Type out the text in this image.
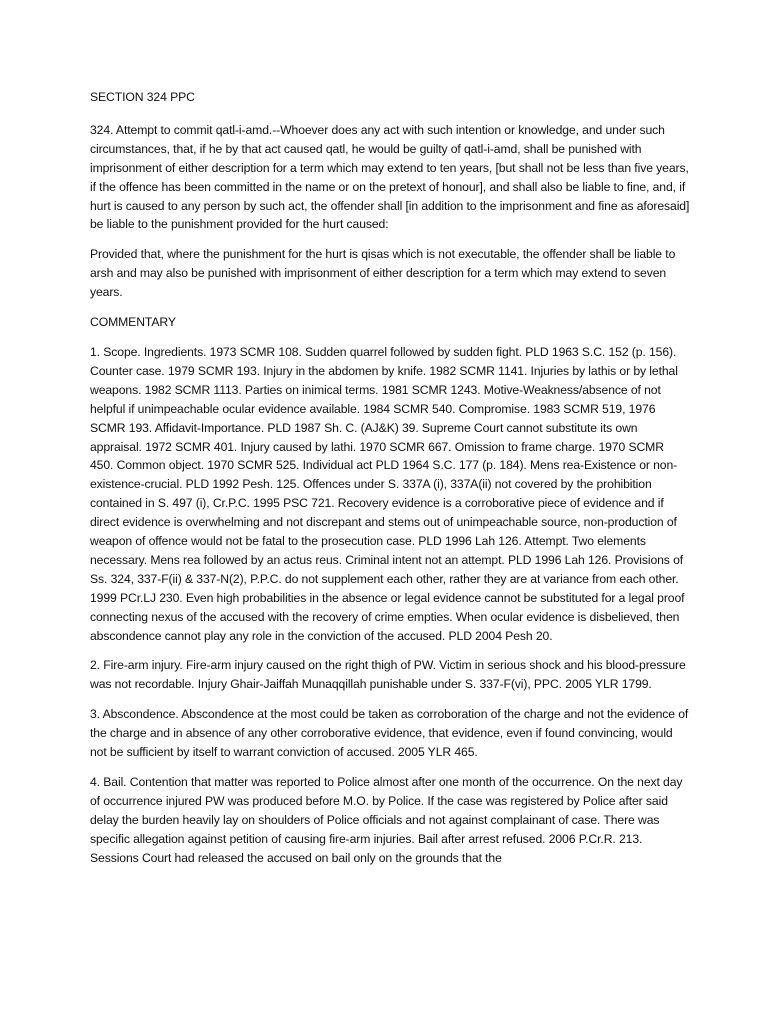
SECTION 324 PPC

324. Attempt to commit qatl-i-amd.--Whoever does any act with such intention or knowledge, and under such circumstances, that, if he by that act caused qatl, he would be guilty of qatl-i-amd, shall be punished with imprisonment of either description for a term which may extend to ten years, [but shall not be less than five years, if the offence has been committed in the name or on the pretext of honour], and shall also be liable to fine, and, if hurt is caused to any person by such act, the offender shall [in addition to the imprisonment and fine as aforesaid] be liable to the punishment provided for the hurt caused:

Provided that, where the punishment for the hurt is qisas which is not executable, the offender shall be liable to arsh and may also be punished with imprisonment of either description for a term which may extend to seven years.

COMMENTARY

1. Scope. Ingredients. 1973 SCMR 108. Sudden quarrel followed by sudden fight. PLD 1963 S.C. 152 (p. 156). Counter case. 1979 SCMR 193. Injury in the abdomen by knife. 1982 SCMR 1141. Injuries by lathis or by lethal weapons. 1982 SCMR 1113. Parties on inimical terms. 1981 SCMR 1243. Motive-Weakness/absence of not helpful if unimpeachable ocular evidence available. 1984 SCMR 540. Compromise. 1983 SCMR 519, 1976 SCMR 193. Affidavit-Importance. PLD 1987 Sh. C. (AJ&K) 39. Supreme Court cannot substitute its own appraisal. 1972 SCMR 401. Injury caused by lathi. 1970 SCMR 667. Omission to frame charge. 1970 SCMR 450. Common object. 1970 SCMR 525. Individual act PLD 1964 S.C. 177 (p. 184). Mens rea-Existence or non-existence-crucial. PLD 1992 Pesh. 125. Offences under S. 337A (i), 337A(ii) not covered by the prohibition contained in S. 497 (i), Cr.P.C. 1995 PSC 721. Recovery evidence is a corroborative piece of evidence and if direct evidence is overwhelming and not discrepant and stems out of unimpeachable source, non-production of weapon of offence would not be fatal to the prosecution case. PLD 1996 Lah 126. Attempt. Two elements necessary. Mens rea followed by an actus reus. Criminal intent not an attempt. PLD 1996 Lah 126. Provisions of Ss. 324, 337-F(ii) & 337-N(2), P.P.C. do not supplement each other, rather they are at variance from each other. 1999 PCr.LJ 230. Even high probabilities in the absence or legal evidence cannot be substituted for a legal proof connecting nexus of the accused with the recovery of crime empties. When ocular evidence is disbelieved, then abscondence cannot play any role in the conviction of the accused. PLD 2004 Pesh 20.

2. Fire-arm injury. Fire-arm injury caused on the right thigh of PW. Victim in serious shock and his blood-pressure was not recordable. Injury Ghair-Jaiffah Munaqqillah punishable under S. 337-F(vi), PPC. 2005 YLR 1799.

3. Abscondence. Abscondence at the most could be taken as corroboration of the charge and not the evidence of the charge and in absence of any other corroborative evidence, that evidence, even if found convincing, would not be sufficient by itself to warrant conviction of accused. 2005 YLR 465.

4. Bail. Contention that matter was reported to Police almost after one month of the occurrence. On the next day of occurrence injured PW was produced before M.O. by Police. If the case was registered by Police after said delay the burden heavily lay on shoulders of Police officials and not against complainant of case. There was specific allegation against petition of causing fire-arm injuries. Bail after arrest refused. 2006 P.Cr.R. 213. Sessions Court had released the accused on bail only on the grounds that the
